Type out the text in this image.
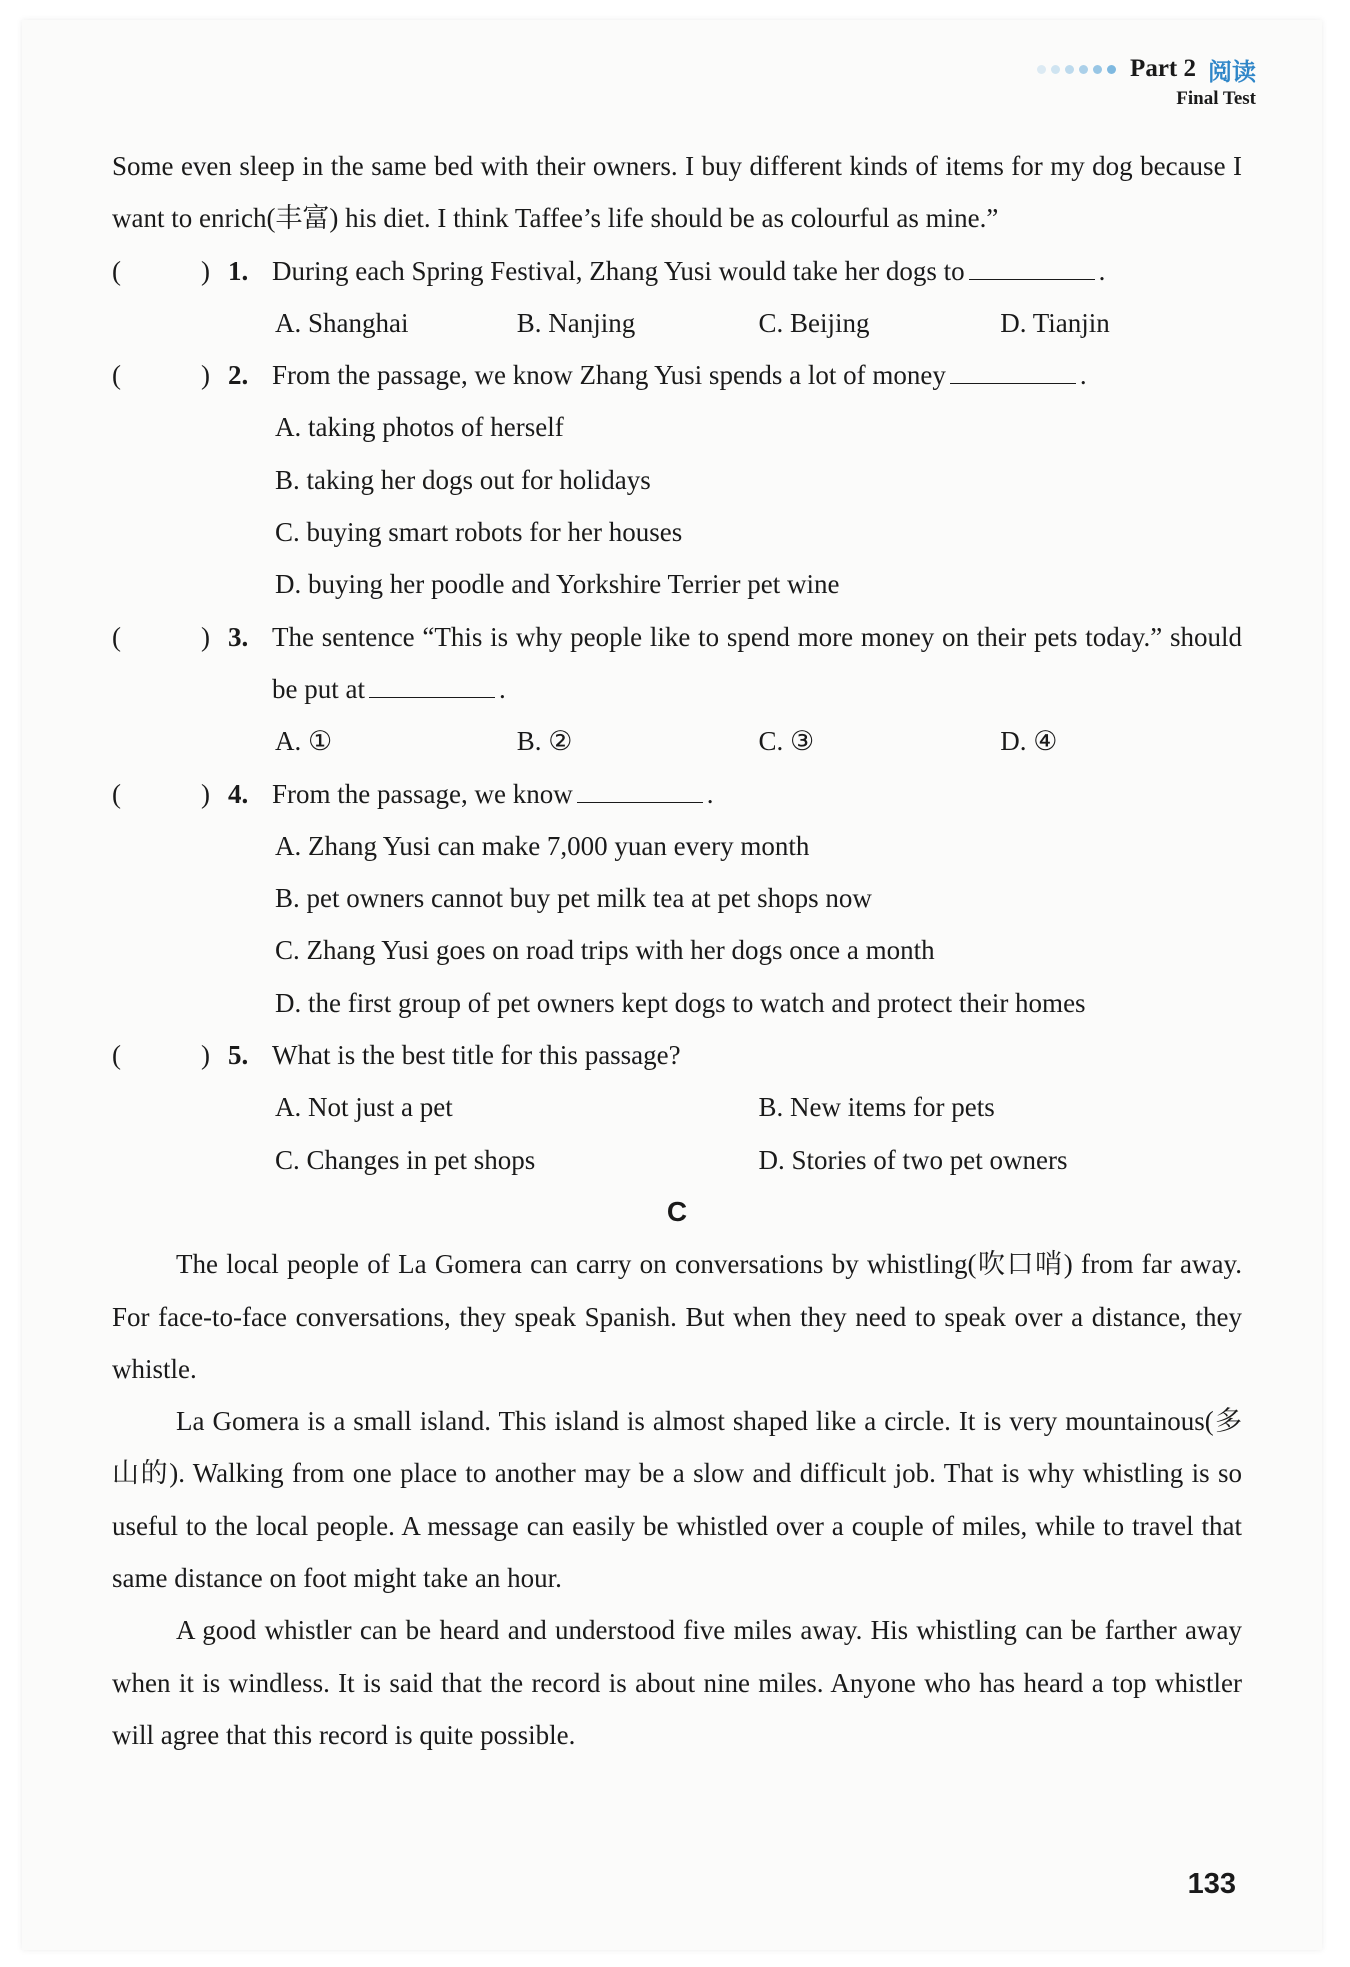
Part 2 阅读
Final Test

Some even sleep in the same bed with their owners. I buy different kinds of items for my dog because I want to enrich(丰富) his diet. I think Taffee’s life should be as colourful as mine.”

(	) 1. During each Spring Festival, Zhang Yusi would take her dogs to	.
A. Shanghai	B. Nanjing	C. Beijing	D. Tianjin
(	) 2. From the passage, we know Zhang Yusi spends a lot of money	.

A. taking photos of herself

B. taking her dogs out for holidays

C. buying smart robots for her houses

D. buying her poodle and Yorkshire Terrier pet wine

(	) 3. The sentence “This is why people like to spend more money on their pets today.” should be put at	.
A. ①	B. ②	C. ③	D. ④
(	) 4. From the passage, we know	.

A. Zhang Yusi can make 7,000 yuan every month

B. pet owners cannot buy pet milk tea at pet shops now

C. Zhang Yusi goes on road trips with her dogs once a month

D. the first group of pet owners kept dogs to watch and protect their homes

(	) 5. What is the best title for this passage?
A. Not just a pet	B. New items for pets
C. Changes in pet shops	D. Stories of two pet owners

C

The local people of La Gomera can carry on conversations by whistling(吹口哨) from far away. For face-to-face conversations, they speak Spanish. But when they need to speak over a distance, they whistle.

La Gomera is a small island. This island is almost shaped like a circle. It is very mountainous(多山的). Walking from one place to another may be a slow and difficult job. That is why whistling is so useful to the local people. A message can easily be whistled over a couple of miles, while to travel that same distance on foot might take an hour.

A good whistler can be heard and understood five miles away. His whistling can be farther away when it is windless. It is said that the record is about nine miles. Anyone who has heard a top whistler will agree that this record is quite possible.

133
